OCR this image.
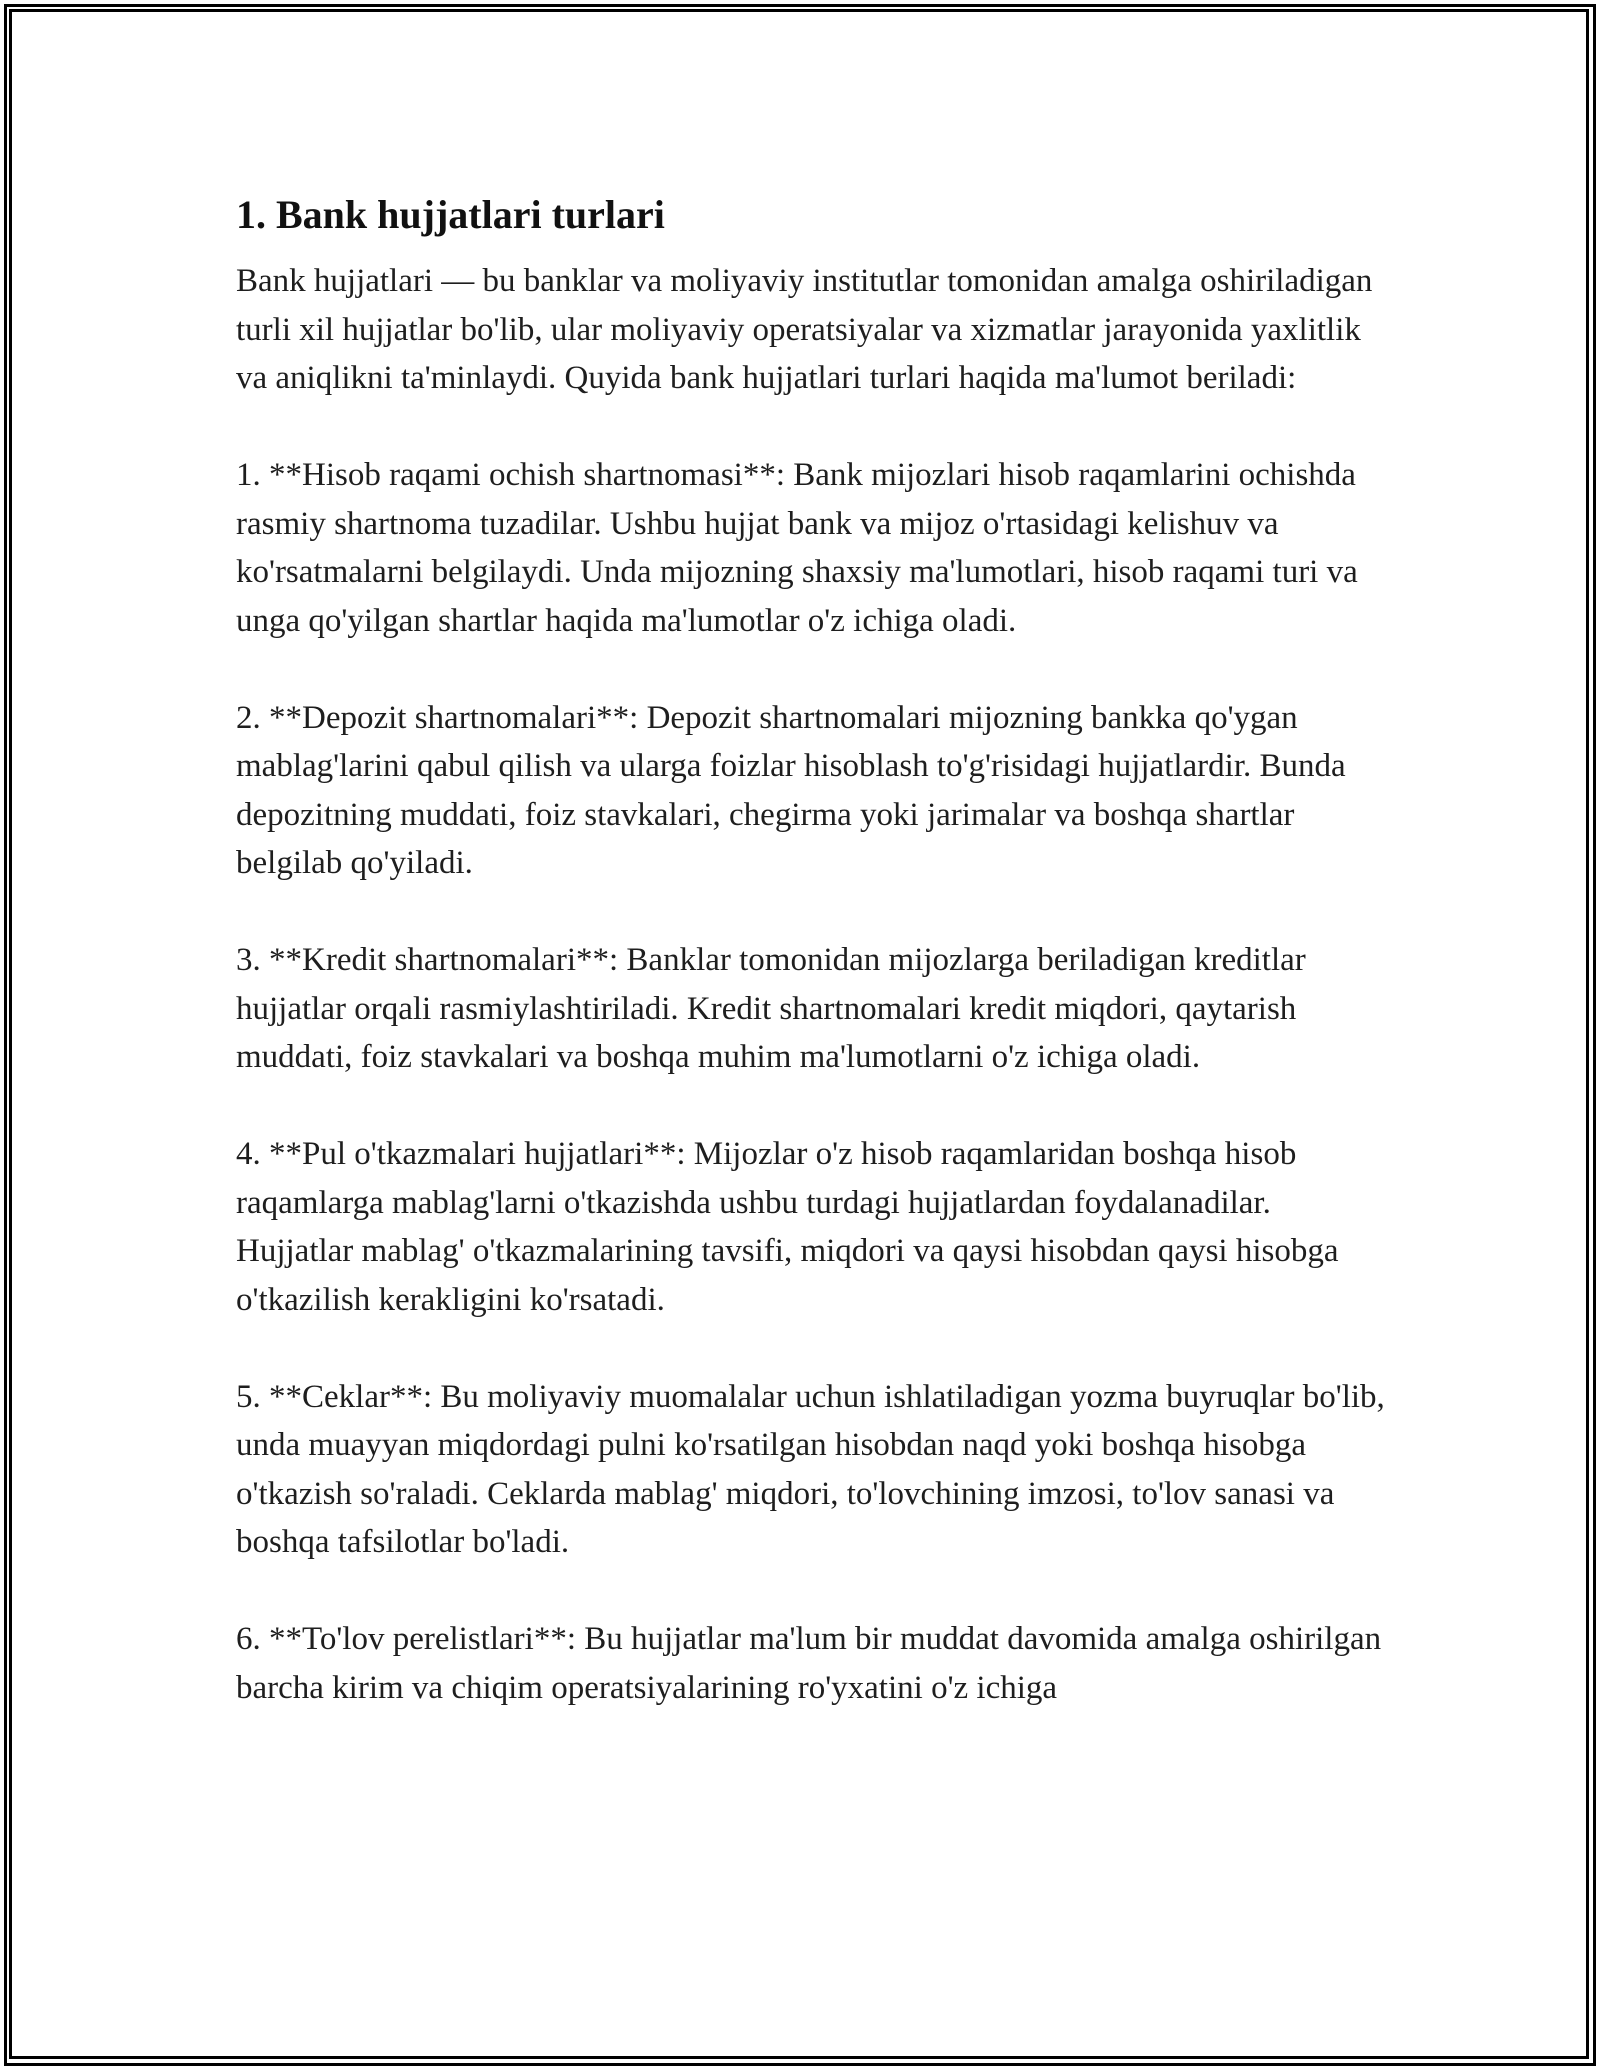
1. Bank hujjatlari turlari

Bank hujjatlari — bu banklar va moliyaviy institutlar tomonidan amalga oshiriladigan turli xil hujjatlar bo'lib, ular moliyaviy operatsiyalar va xizmatlar jarayonida yaxlitlik va aniqlikni ta'minlaydi. Quyida bank hujjatlari turlari haqida ma'lumot beriladi:

1. **Hisob raqami ochish shartnomasi**: Bank mijozlari hisob raqamlarini ochishda rasmiy shartnoma tuzadilar. Ushbu hujjat bank va mijoz o'rtasidagi kelishuv va ko'rsatmalarni belgilaydi. Unda mijozning shaxsiy ma'lumotlari, hisob raqami turi va unga qo'yilgan shartlar haqida ma'lumotlar o'z ichiga oladi.

2. **Depozit shartnomalari**: Depozit shartnomalari mijozning bankka qo'ygan mablag'larini qabul qilish va ularga foizlar hisoblash to'g'risidagi hujjatlardir. Bunda depozitning muddati, foiz stavkalari, chegirma yoki jarimalar va boshqa shartlar belgilab qo'yiladi.

3. **Kredit shartnomalari**: Banklar tomonidan mijozlarga beriladigan kreditlar hujjatlar orqali rasmiylashtiriladi. Kredit shartnomalari kredit miqdori, qaytarish muddati, foiz stavkalari va boshqa muhim ma'lumotlarni o'z ichiga oladi.

4. **Pul o'tkazmalari hujjatlari**: Mijozlar o'z hisob raqamlaridan boshqa hisob raqamlarga mablag'larni o'tkazishda ushbu turdagi hujjatlardan foydalanadilar. Hujjatlar mablag' o'tkazmalarining tavsifi, miqdori va qaysi hisobdan qaysi hisobga o'tkazilish kerakligini ko'rsatadi.

5. **Ceklar**: Bu moliyaviy muomalalar uchun ishlatiladigan yozma buyruqlar bo'lib, unda muayyan miqdordagi pulni ko'rsatilgan hisobdan naqd yoki boshqa hisobga o'tkazish so'raladi. Ceklarda mablag' miqdori, to'lovchining imzosi, to'lov sanasi va boshqa tafsilotlar bo'ladi.

6. **To'lov perelistlari**: Bu hujjatlar ma'lum bir muddat davomida amalga oshirilgan barcha kirim va chiqim operatsiyalarining ro'yxatini o'z ichiga
